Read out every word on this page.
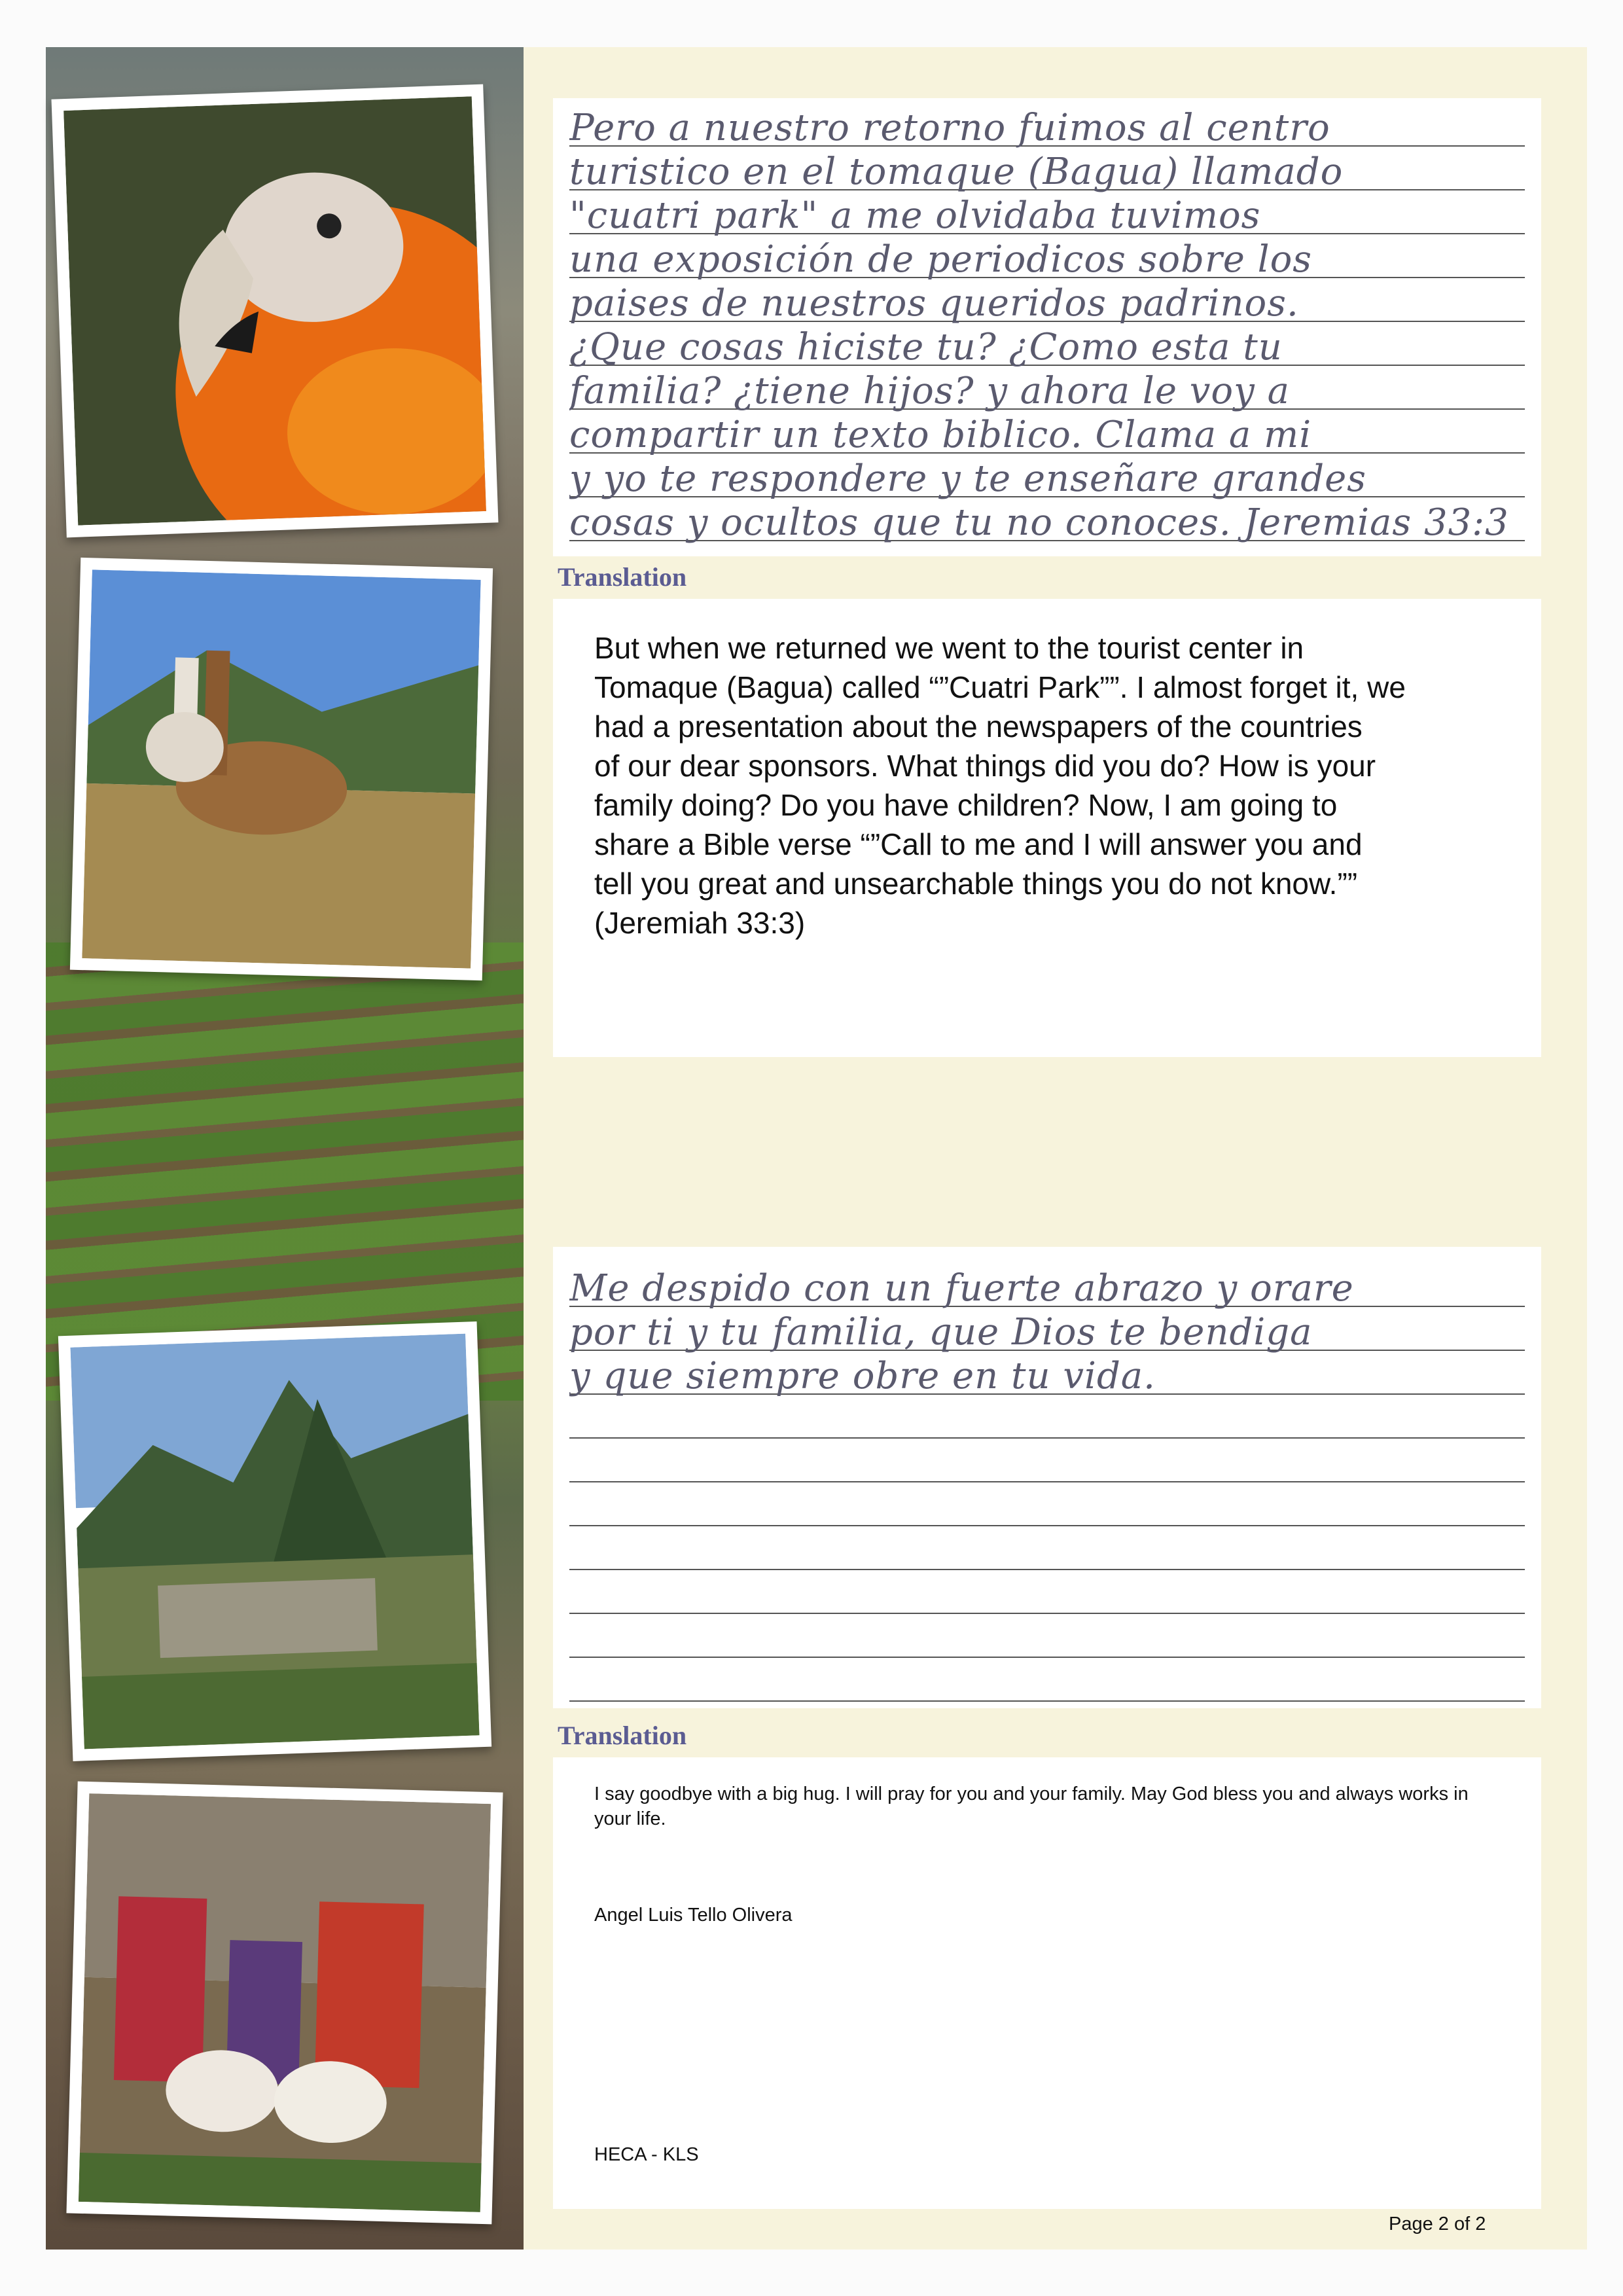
Pero a nuestro retorno fuimos al centro
turistico en el tomaque (Bagua) llamado
"cuatri park" a me olvidaba tuvimos
una exposición de periodicos sobre los
paises de nuestros queridos padrinos.
¿Que cosas hiciste tu? ¿Como esta tu
familia? ¿tiene hijos? y ahora le voy a
compartir un texto biblico. Clama a mi
y yo te respondere y te enseñare grandes
cosas y ocultos que tu no conoces. Jeremias 33:3
Translation
But when we returned we went to the tourist center in
Tomaque (Bagua) called “”Cuatri Park””. I almost forget it, we
had a presentation about the newspapers of the countries
of our dear sponsors. What things did you do? How is your
family doing? Do you have children? Now, I am going to
share a Bible verse “”Call to me and I will answer you and
tell you great and unsearchable things you do not know.””
(Jeremiah 33:3)
Me despido con un fuerte abrazo y orare
por ti y tu familia, que Dios te bendiga
y que siempre obre en tu vida.
Translation
I say goodbye with a big hug. I will pray for you and your family. May God bless you and always works in your life.
Angel Luis Tello Olivera
HECA - KLS
Page 2 of 2
